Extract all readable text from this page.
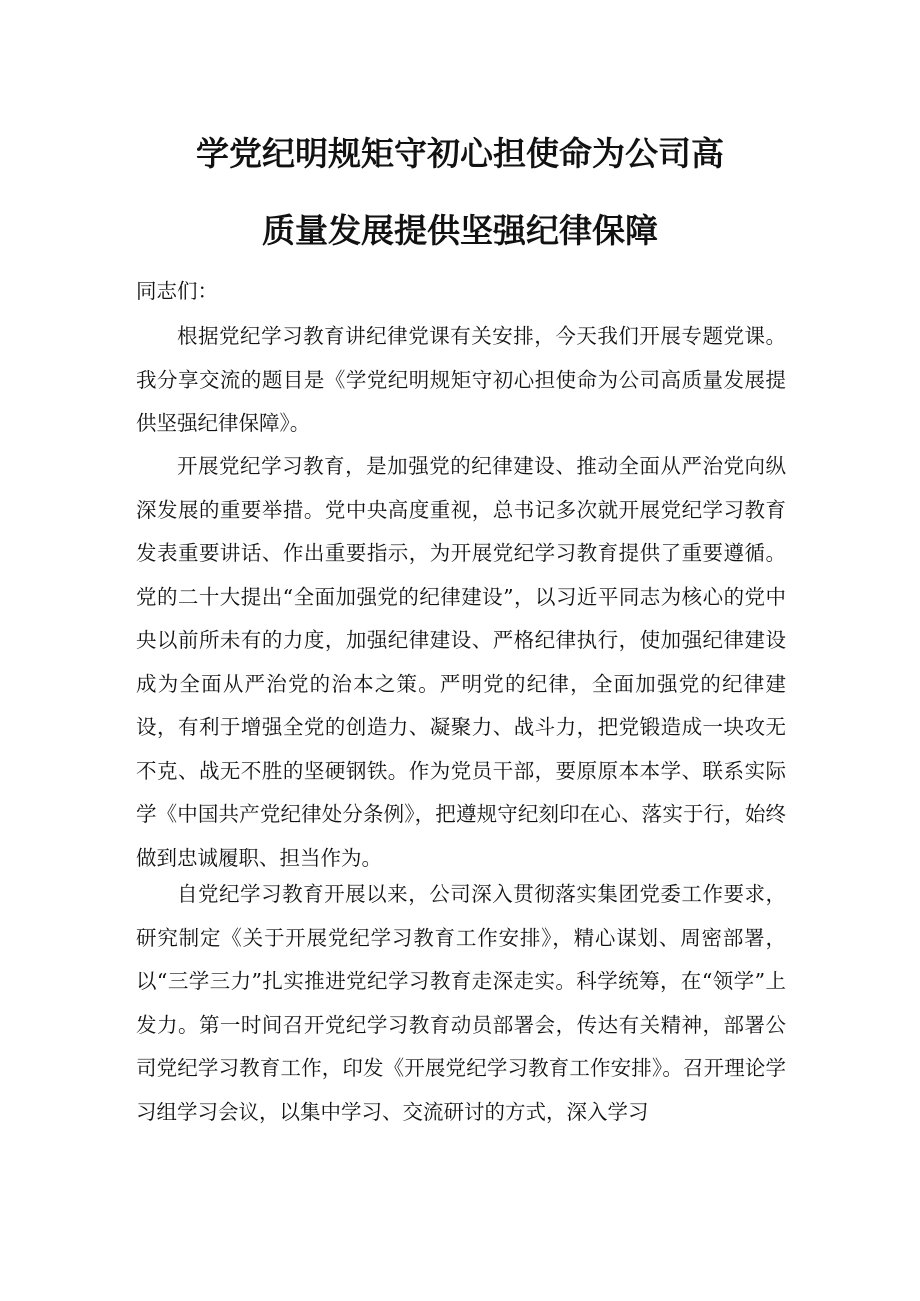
学党纪明规矩守初心担使命为公司高
质量发展提供坚强纪律保障
同志们：
根据党纪学习教育讲纪律党课有关安排，今天我们开展专题党课。我分享交流的题目是《学党纪明规矩守初心担使命为公司高质量发展提供坚强纪律保障》。
开展党纪学习教育，是加强党的纪律建设、推动全面从严治党向纵深发展的重要举措。党中央高度重视，总书记多次就开展党纪学习教育发表重要讲话、作出重要指示，为开展党纪学习教育提供了重要遵循。党的二十大提出“全面加强党的纪律建设”，以习近平同志为核心的党中央以前所未有的力度，加强纪律建设、严格纪律执行，使加强纪律建设成为全面从严治党的治本之策。严明党的纪律，全面加强党的纪律建设，有利于增强全党的创造力、凝聚力、战斗力，把党锻造成一块攻无不克、战无不胜的坚硬钢铁。作为党员干部，要原原本本学、联系实际学《中国共产党纪律处分条例》，把遵规守纪刻印在心、落实于行，始终做到忠诚履职、担当作为。
自党纪学习教育开展以来，公司深入贯彻落实集团党委工作要求，研究制定《关于开展党纪学习教育工作安排》，精心谋划、周密部署，以“三学三力”扎实推进党纪学习教育走深走实。科学统筹，在“领学”上发力。第一时间召开党纪学习教育动员部署会，传达有关精神，部署公司党纪学习教育工作，印发《开展党纪学习教育工作安排》。召开理论学习组学习会议，以集中学习、交流研讨的方式，深入学习
